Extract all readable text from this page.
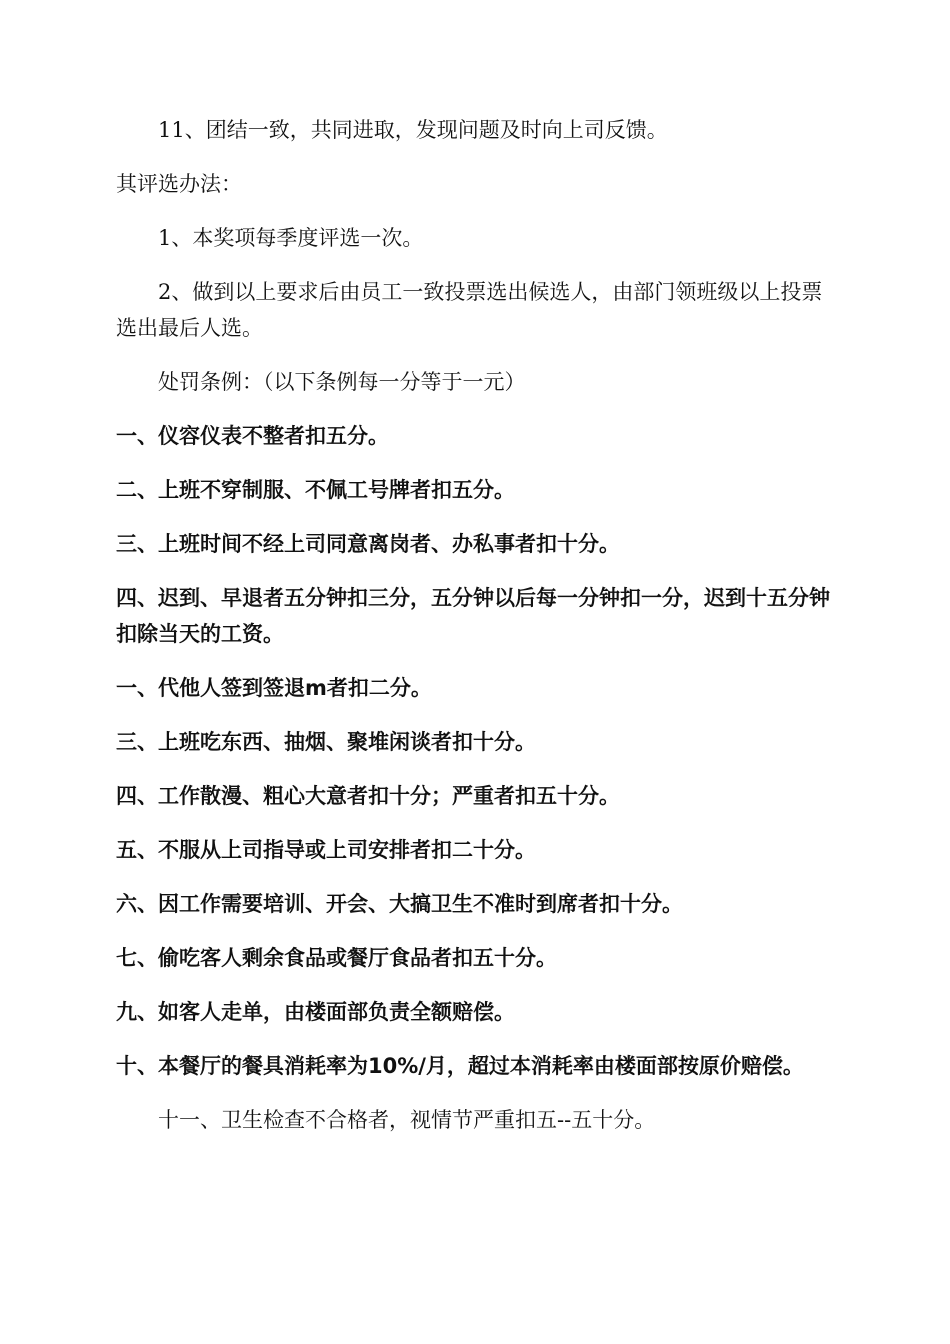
11、团结一致，共同进取，发现问题及时向上司反馈。

其评选办法：

1、本奖项每季度评选一次。

2、做到以上要求后由员工一致投票选出候选人，由部门领班级以上投票选出最后人选。

处罚条例：（以下条例每一分等于一元）

一、仪容仪表不整者扣五分。

二、上班不穿制服、不佩工号牌者扣五分。

三、上班时间不经上司同意离岗者、办私事者扣十分。

四、迟到、早退者五分钟扣三分，五分钟以后每一分钟扣一分，迟到十五分钟扣除当天的工资。

一、代他人签到签退m者扣二分。

三、上班吃东西、抽烟、聚堆闲谈者扣十分。

四、工作散漫、粗心大意者扣十分；严重者扣五十分。

五、不服从上司指导或上司安排者扣二十分。

六、因工作需要培训、开会、大搞卫生不准时到席者扣十分。

七、偷吃客人剩余食品或餐厅食品者扣五十分。

九、如客人走单，由楼面部负责全额赔偿。

十、本餐厅的餐具消耗率为10%/月，超过本消耗率由楼面部按原价赔偿。

十一、卫生检查不合格者，视情节严重扣五--五十分。
